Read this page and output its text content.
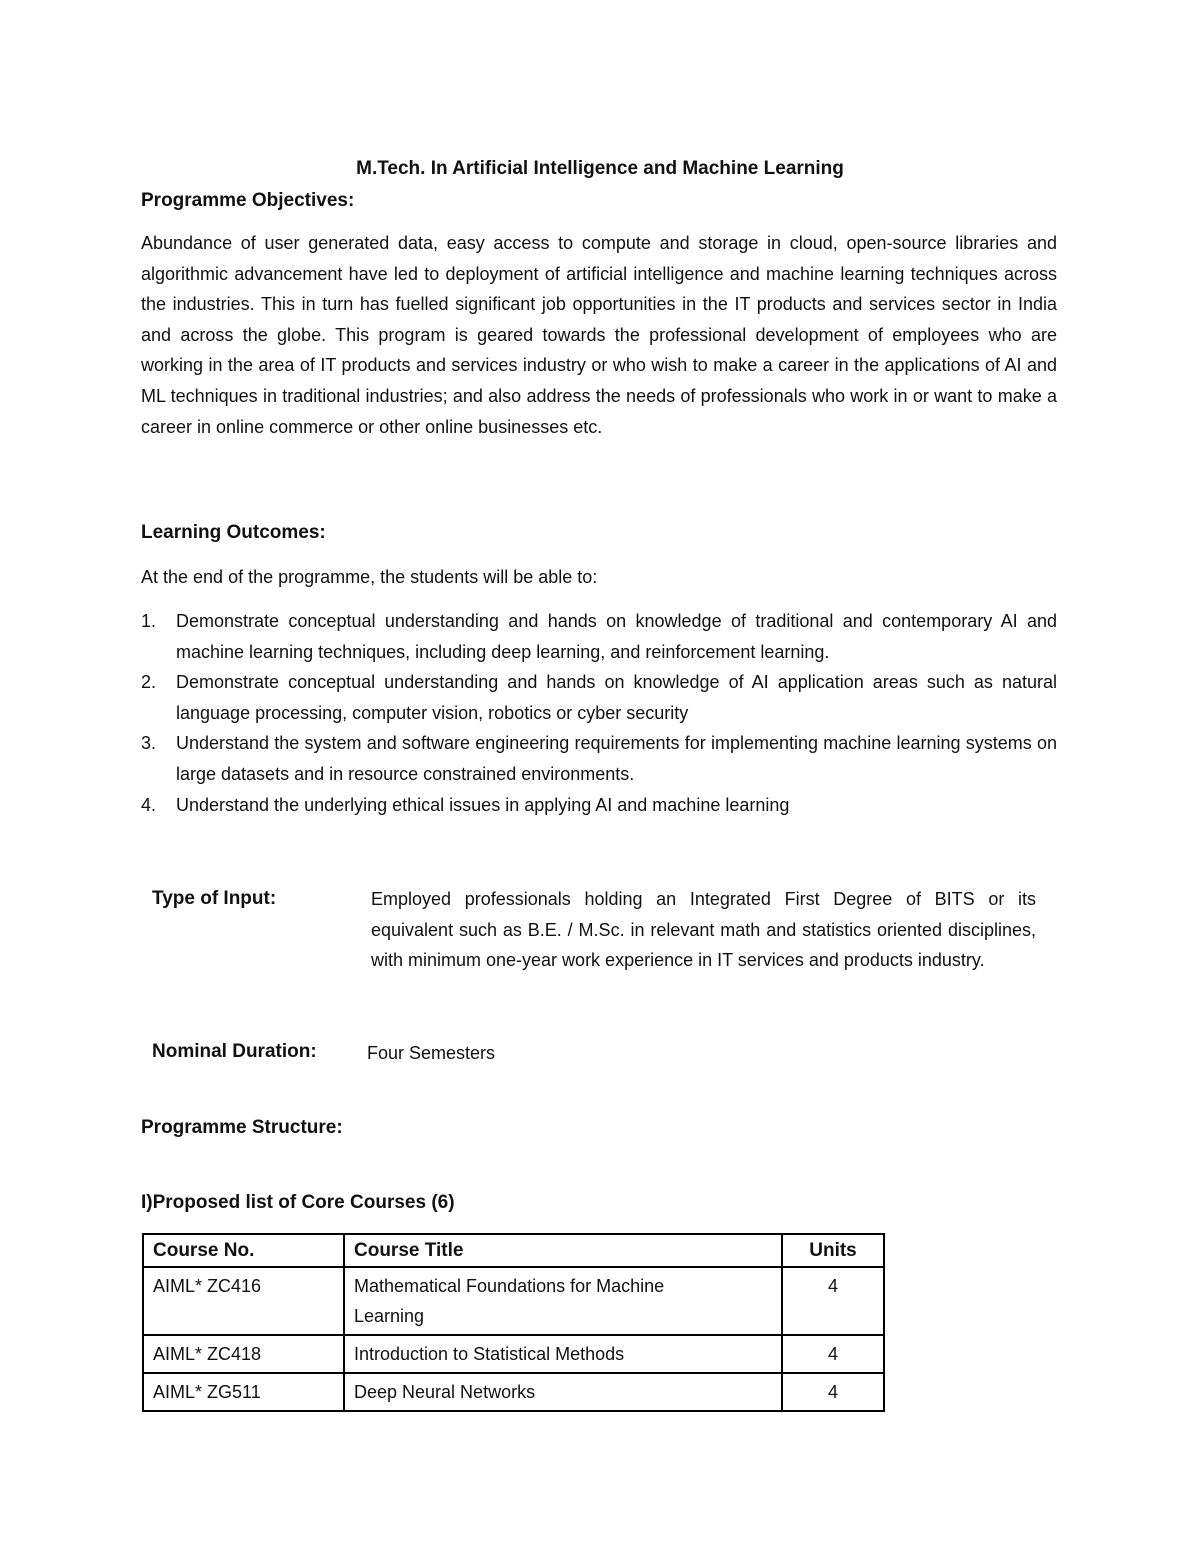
M.Tech. In Artificial Intelligence and Machine Learning
Programme Objectives:

Abundance of user generated data, easy access to compute and storage in cloud, open-source libraries and algorithmic advancement have led to deployment of artificial intelligence and machine learning techniques across the industries. This in turn has fuelled significant job opportunities in the IT products and services sector in India and across the globe. This program is geared towards the professional development of employees who are working in the area of IT products and services industry or who wish to make a career in the applications of AI and ML techniques in traditional industries; and also address the needs of professionals who work in or want to make a career in online commerce or other online businesses etc.

Learning Outcomes:

At the end of the programme, the students will be able to:

1. Demonstrate conceptual understanding and hands on knowledge of traditional and contemporary AI and machine learning techniques, including deep learning, and reinforcement learning.
2. Demonstrate conceptual understanding and hands on knowledge of AI application areas such as natural language processing, computer vision, robotics or cyber security
3. Understand the system and software engineering requirements for implementing machine learning systems on large datasets and in resource constrained environments.
4. Understand the underlying ethical issues in applying AI and machine learning
Type of Input:	Employed professionals holding an Integrated First Degree of BITS or its equivalent such as B.E. / M.Sc. in relevant math and statistics oriented disciplines, with minimum one-year work experience in IT services and products industry.

Nominal Duration:	Four Semesters

Programme Structure:
I)Proposed list of Core Courses (6)
Course No.	Course Title	Units
AIML* ZC416	Mathematical Foundations for Machine Learning	4
AIML* ZC418	Introduction to Statistical Methods	4
AIML* ZG511	Deep Neural Networks	4
